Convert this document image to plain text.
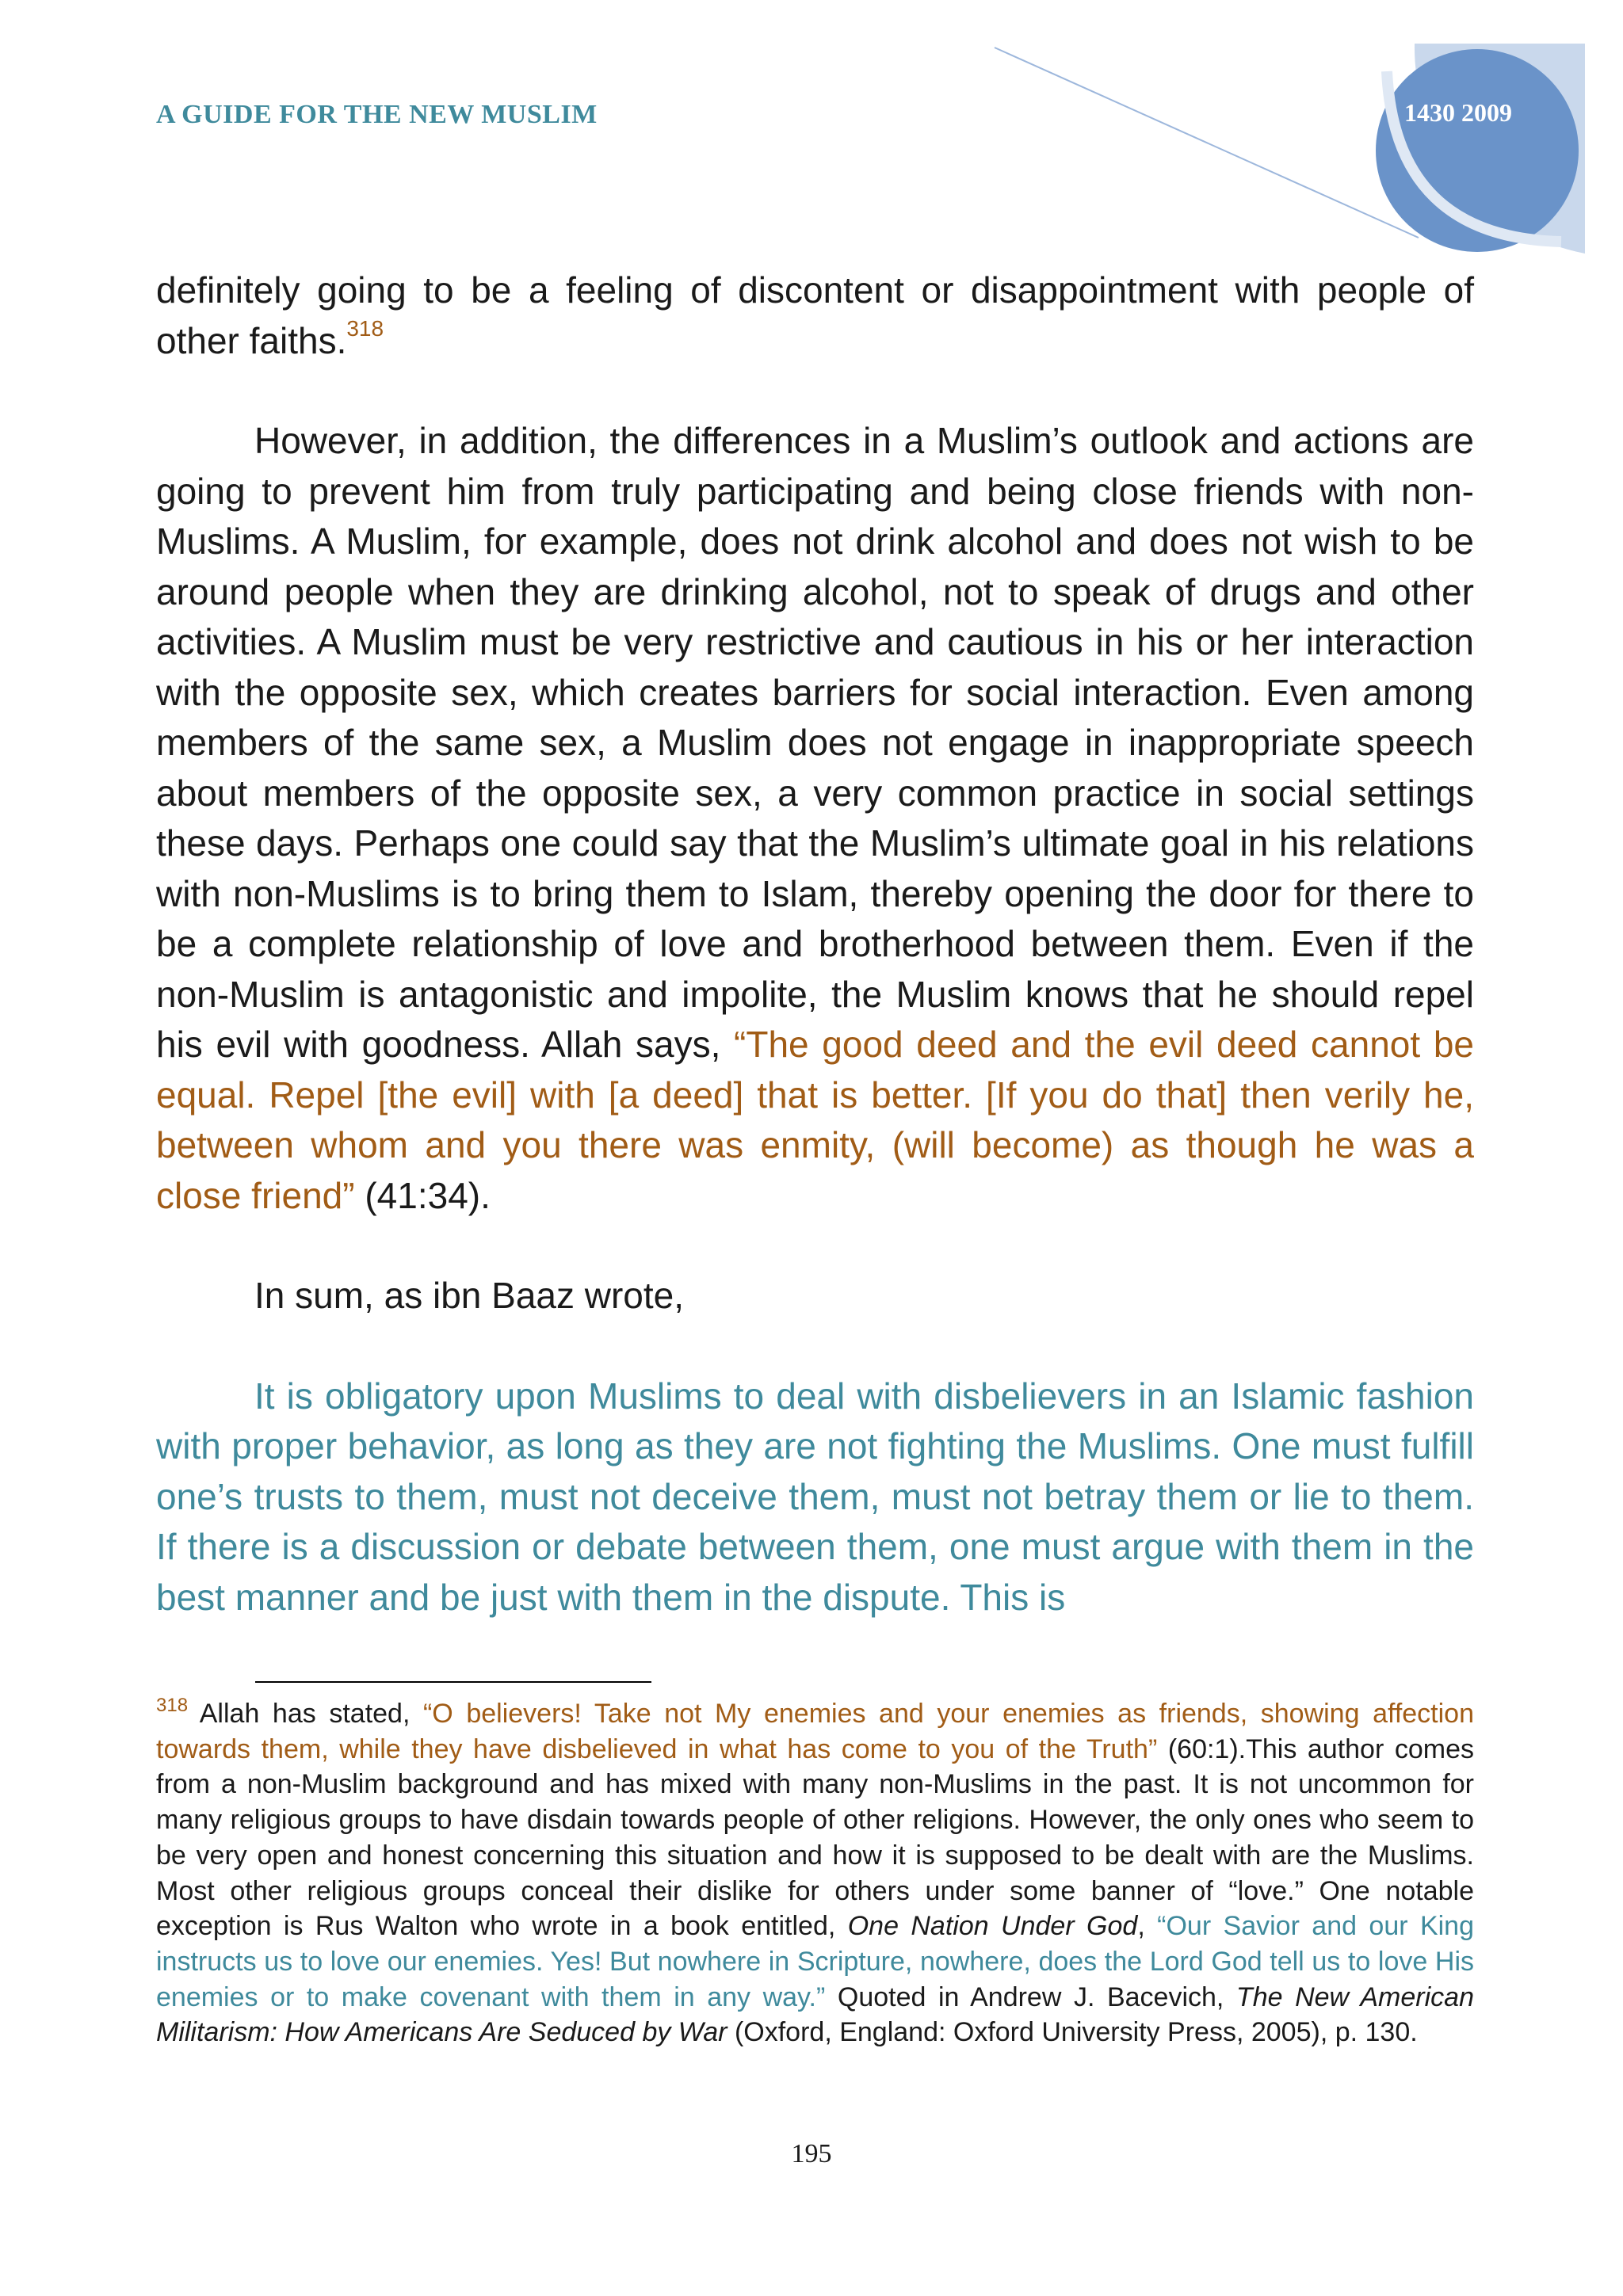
A GUIDE FOR THE NEW MUSLIM	1430 2009

definitely going to be a feeling of discontent or disappointment with people of other faiths.$^{318}$

However, in addition, the differences in a Muslim’s outlook and actions are going to prevent him from truly participating and being close friends with non-Muslims. A Muslim, for example, does not drink alcohol and does not wish to be around people when they are drinking alcohol, not to speak of drugs and other activities. A Muslim must be very restrictive and cautious in his or her interaction with the opposite sex, which creates barriers for social interaction. Even among members of the same sex, a Muslim does not engage in inappropriate speech about members of the opposite sex, a very common practice in social settings these days. Perhaps one could say that the Muslim’s ultimate goal in his relations with non-Muslims is to bring them to Islam, thereby opening the door for there to be a complete relationship of love and brotherhood between them. Even if the non-Muslim is antagonistic and impolite, the Muslim knows that he should repel his evil with goodness. Allah says, “The good deed and the evil deed cannot be equal. Repel [the evil] with [a deed] that is better. [If you do that] then verily he, between whom and you there was enmity, (will become) as though he was a close friend” (41:34).

In sum, as ibn Baaz wrote,

It is obligatory upon Muslims to deal with disbelievers in an Islamic fashion with proper behavior, as long as they are not fighting the Muslims. One must fulfill one’s trusts to them, must not deceive them, must not betray them or lie to them. If there is a discussion or debate between them, one must argue with them in the best manner and be just with them in the dispute. This is

$^{318}$ Allah has stated, “O believers! Take not My enemies and your enemies as friends, showing affection towards them, while they have disbelieved in what has come to you of the Truth” (60:1).This author comes from a non-Muslim background and has mixed with many non-Muslims in the past. It is not uncommon for many religious groups to have disdain towards people of other religions. However, the only ones who seem to be very open and honest concerning this situation and how it is supposed to be dealt with are the Muslims. Most other religious groups conceal their dislike for others under some banner of “love.” One notable exception is Rus Walton who wrote in a book entitled, One Nation Under God, “Our Savior and our King instructs us to love our enemies. Yes! But nowhere in Scripture, nowhere, does the Lord God tell us to love His enemies or to make covenant with them in any way.” Quoted in Andrew J. Bacevich, The New American Militarism: How Americans Are Seduced by War (Oxford, England: Oxford University Press, 2005), p. 130.

195
